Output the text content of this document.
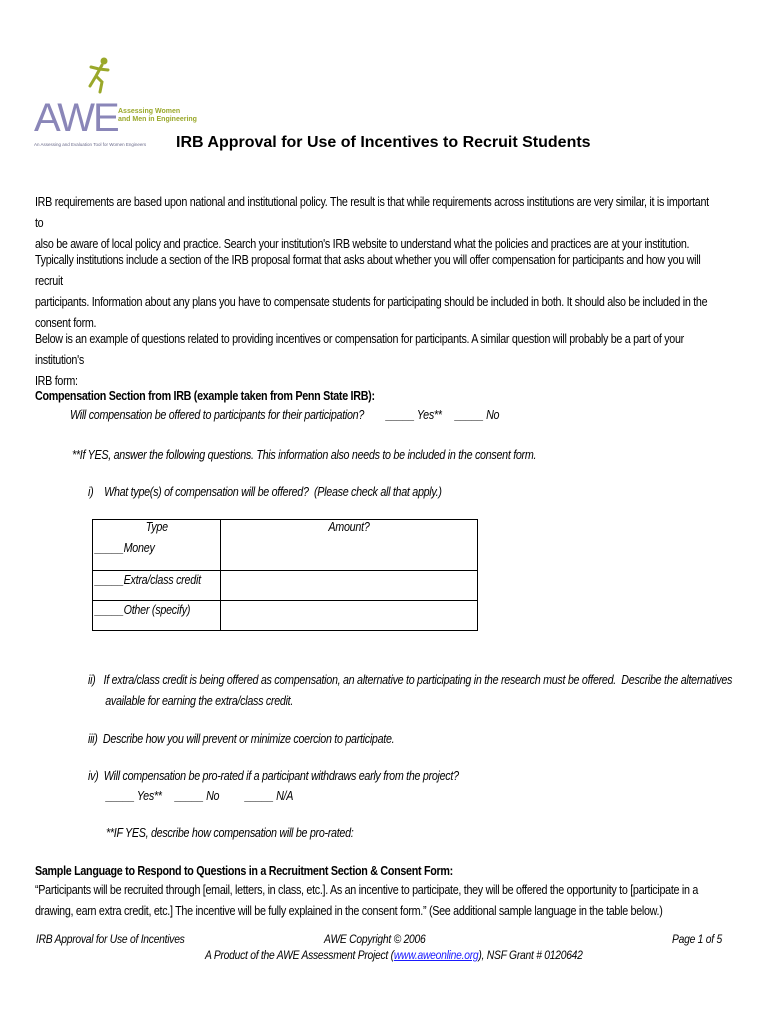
AWE Assessing Women
and Men in Engineering
An Assessing and Evaluation Tool for Women Engineers IRB Approval for Use of Incentives to Recruit Students
IRB requirements are based upon national and institutional policy. The result is that while requirements across institutions are very similar, it is important to
also be aware of local policy and practice. Search your institution's IRB website to understand what the policies and practices are at your institution.
Typically institutions include a section of the IRB proposal format that asks about whether you will offer compensation for participants and how you will recruit
participants. Information about any plans you have to compensate students for participating should be included in both. It should also be included in the
consent form.
Below is an example of questions related to providing incentives or compensation for participants. A similar question will probably be a part of your institution's
IRB form:
Compensation Section from IRB (example taken from Penn State IRB):
Will compensation be offered to participants for their participation? _____ Yes** _____ No
**If YES, answer the following questions. This information also needs to be included in the consent form.
i)    What type(s) of compensation will be offered?  (Please check all that apply.)
Type	Amount?
_____Money	
_____Extra/class credit	
_____Other (specify)	
ii)   If extra/class credit is being offered as compensation, an alternative to participating in the research must be offered.  Describe the alternatives
available for earning the extra/class credit.
iii)  Describe how you will prevent or minimize coercion to participate.
iv)  Will compensation be pro-rated if a participant withdraws early from the project?
_____ Yes** _____ No _____ N/A
**IF YES, describe how compensation will be pro-rated:
Sample Language to Respond to Questions in a Recruitment Section & Consent Form:
“Participants will be recruited through [email, letters, in class, etc.]. As an incentive to participate, they will be offered the opportunity to [participate in a
drawing, earn extra credit, etc.] The incentive will be fully explained in the consent form.” (See additional sample language in the table below.)
IRB Approval for Use of Incentives	AWE Copyright © 2006	Page 1 of 5
A Product of the AWE Assessment Project (www.aweonline.org), NSF Grant # 0120642
